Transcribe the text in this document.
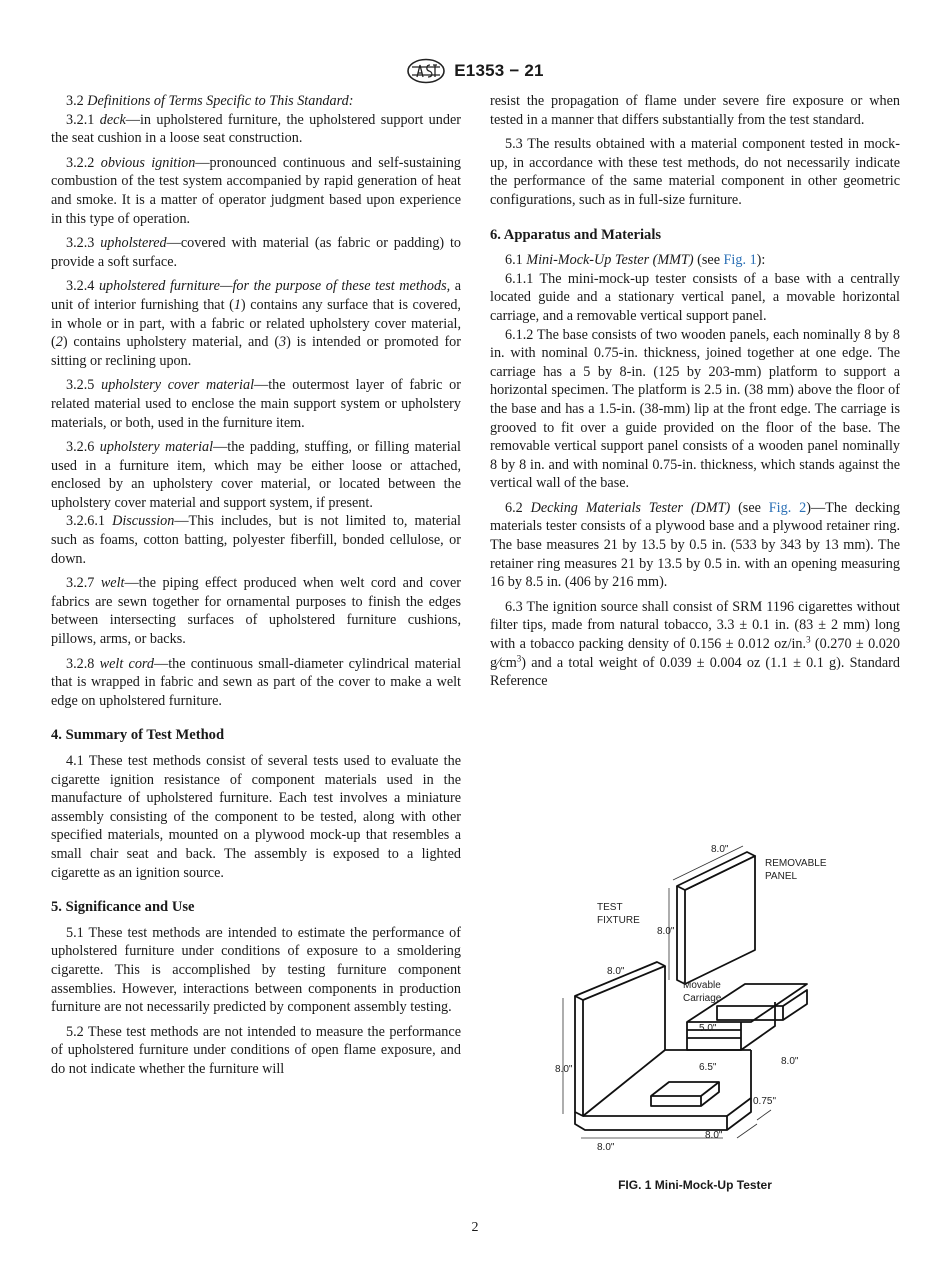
E1353 − 21

3.2 Definitions of Terms Specific to This Standard:

3.2.1 deck—in upholstered furniture, the upholstered support under the seat cushion in a loose seat construction.

3.2.2 obvious ignition—pronounced continuous and self-sustaining combustion of the test system accompanied by rapid generation of heat and smoke. It is a matter of operator judgment based upon experience in this type of operation.

3.2.3 upholstered—covered with material (as fabric or padding) to provide a soft surface.

3.2.4 upholstered furniture—for the purpose of these test methods, a unit of interior furnishing that (1) contains any surface that is covered, in whole or in part, with a fabric or related upholstery cover material, (2) contains upholstery material, and (3) is intended or promoted for sitting or reclining upon.

3.2.5 upholstery cover material—the outermost layer of fabric or related material used to enclose the main support system or upholstery materials, or both, used in the furniture item.

3.2.6 upholstery material—the padding, stuffing, or filling material used in a furniture item, which may be either loose or attached, enclosed by an upholstery cover material, or located between the upholstery cover material and support system, if present.

3.2.6.1 Discussion—This includes, but is not limited to, material such as foams, cotton batting, polyester fiberfill, bonded cellulose, or down.

3.2.7 welt—the piping effect produced when welt cord and cover fabrics are sewn together for ornamental purposes to finish the edges between intersecting surfaces of upholstered furniture cushions, pillows, arms, or backs.

3.2.8 welt cord—the continuous small-diameter cylindrical material that is wrapped in fabric and sewn as part of the cover to make a welt edge on upholstered furniture.

4. Summary of Test Method

4.1 These test methods consist of several tests used to evaluate the cigarette ignition resistance of component materials used in the manufacture of upholstered furniture. Each test involves a miniature assembly consisting of the component to be tested, along with other specified materials, mounted on a plywood mock-up that resembles a small chair seat and back. The assembly is exposed to a lighted cigarette as an ignition source.

5. Significance and Use

5.1 These test methods are intended to estimate the performance of upholstered furniture under conditions of exposure to a smoldering cigarette. This is accomplished by testing furniture component assemblies. However, interactions between components in production furniture are not necessarily predicted by component assembly testing.

5.2 These test methods are not intended to measure the performance of upholstered furniture under conditions of open flame exposure, and do not indicate whether the furniture will

resist the propagation of flame under severe fire exposure or when tested in a manner that differs substantially from the test standard.

5.3 The results obtained with a material component tested in mock-up, in accordance with these test methods, do not necessarily indicate the performance of the same material component in other geometric configurations, such as in full-size furniture.

6. Apparatus and Materials

6.1 Mini-Mock-Up Tester (MMT) (see Fig. 1):

6.1.1 The mini-mock-up tester consists of a base with a centrally located guide and a stationary vertical panel, a movable horizontal carriage, and a removable vertical support panel.

6.1.2 The base consists of two wooden panels, each nominally 8 by 8 in. with nominal 0.75-in. thickness, joined together at one edge. The carriage has a 5 by 8-in. (125 by 203-mm) platform to support a horizontal specimen. The platform is 2.5 in. (38 mm) above the floor of the base and has a 1.5-in. (38-mm) lip at the front edge. The carriage is grooved to fit over a guide provided on the floor of the base. The removable vertical support panel consists of a wooden panel nominally 8 by 8 in. and with nominal 0.75-in. thickness, which stands against the vertical wall of the base.

6.2 Decking Materials Tester (DMT) (see Fig. 2)—The decking materials tester consists of a plywood base and a plywood retainer ring. The base measures 21 by 13.5 by 0.5 in. (533 by 343 by 13 mm). The retainer ring measures 21 by 13.5 by 0.5 in. with an opening measuring 16 by 8.5 in. (406 by 216 mm).

6.3 The ignition source shall consist of SRM 1196 cigarettes without filter tips, made from natural tobacco, 3.3 ± 0.1 in. (83 ± 2 mm) long with a tobacco packing density of 0.156 ± 0.012 oz/in.$^3$ (0.270 ± 0.020 $g⁄cm^3$) and a total weight of 0.039 ± 0.004 oz (1.1 ± 0.1 g). Standard Reference

8.0"
REMOVABLE
PANEL
TEST
FIXTURE
8.0"
8.0"
Movable
Carriage
5.0"
6.5"
8.0"
8.0"
0.75"
8.0"
8.0"
FIG. 1 Mini-Mock-Up Tester
2
